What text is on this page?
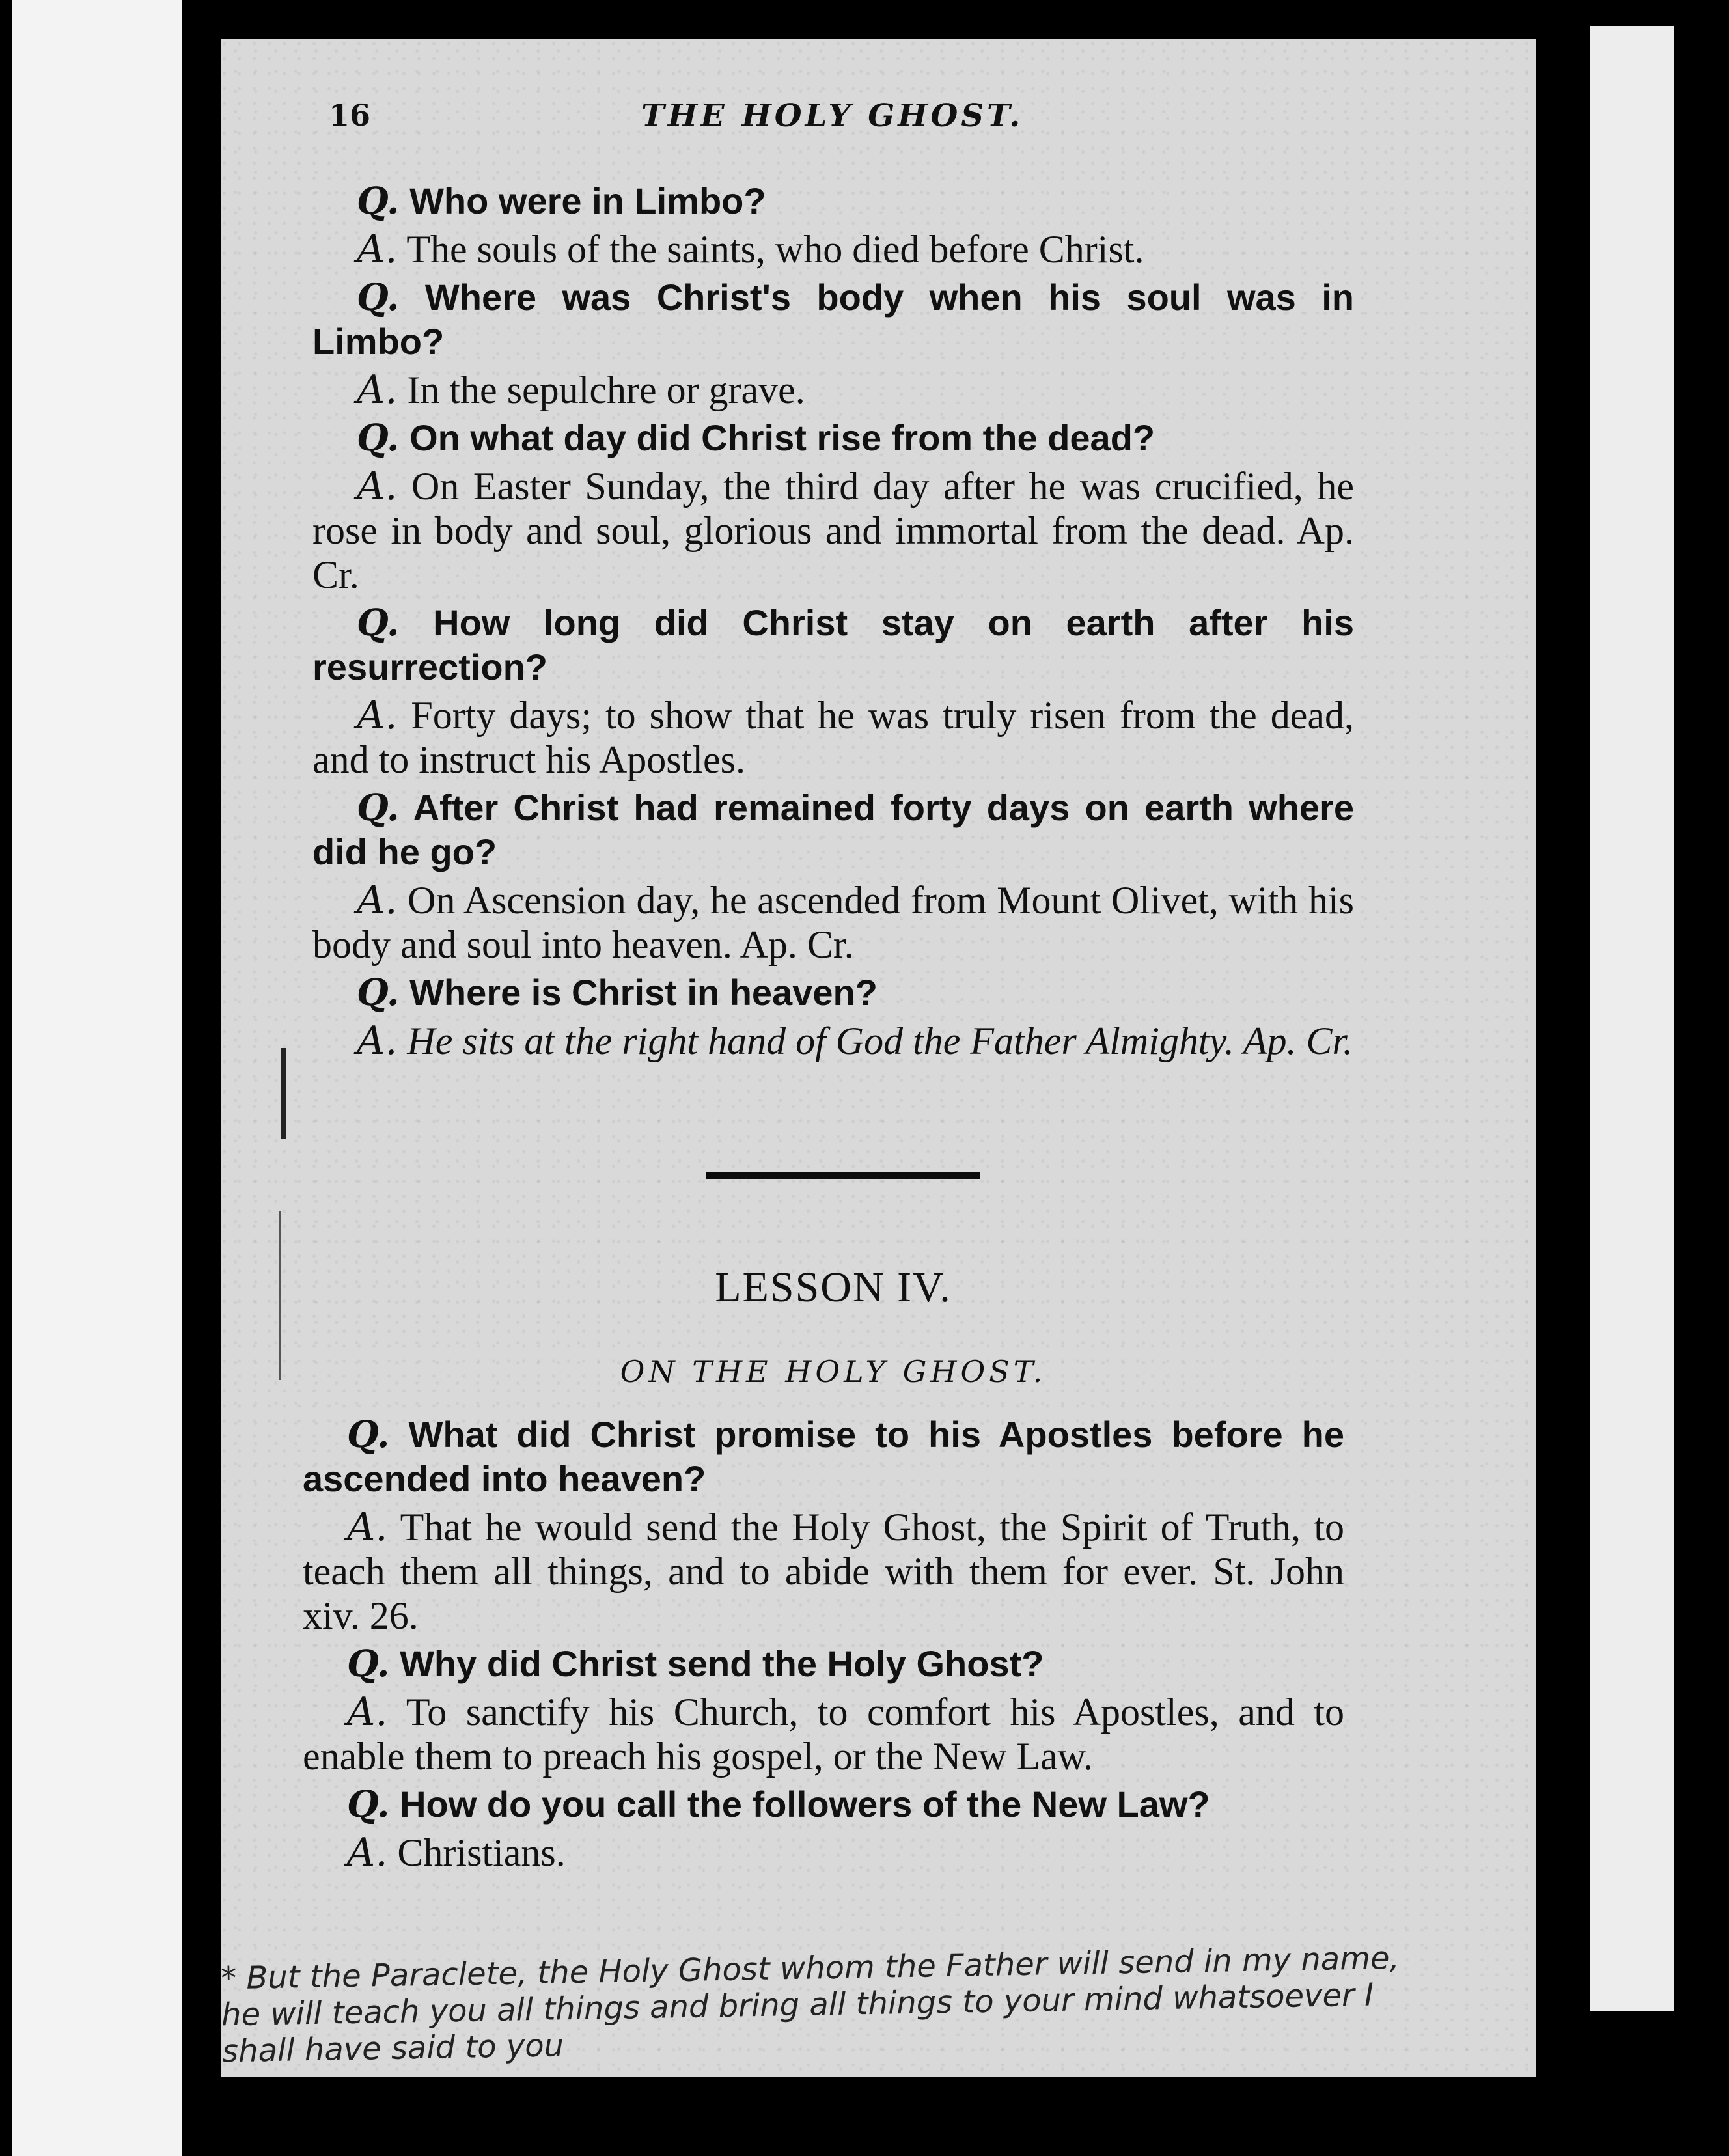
16	THE HOLY GHOST.

Q. Who were in Limbo?

A. The souls of the saints, who died before Christ.

Q. Where was Christ's body when his soul was in Limbo?

A. In the sepulchre or grave.

Q. On what day did Christ rise from the dead?

A. On Easter Sunday, the third day after he was crucified, he rose in body and soul, glorious and immortal from the dead. Ap. Cr.

Q. How long did Christ stay on earth after his resurrection?

A. Forty days; to show that he was truly risen from the dead, and to instruct his Apostles.

Q. After Christ had remained forty days on earth where did he go?

A. On Ascension day, he ascended from Mount Olivet, with his body and soul into heaven. Ap. Cr.

Q. Where is Christ in heaven?

A. He sits at the right hand of God the Father Almighty. Ap. Cr.

LESSON IV.
ON THE HOLY GHOST.

Q. What did Christ promise to his Apostles before he ascended into heaven?

A. That he would send the Holy Ghost, the Spirit of Truth, to teach them all things, and to abide with them for ever. St. John xiv. 26.

Q. Why did Christ send the Holy Ghost?

A. To sanctify his Church, to comfort his Apostles, and to enable them to preach his gospel, or the New Law.

Q. How do you call the followers of the New Law?

A. Christians.

* But the Paraclete, the Holy Ghost whom the Father will send in my name, he will teach you all things and bring all things to your mind whatsoever I shall have said to you
